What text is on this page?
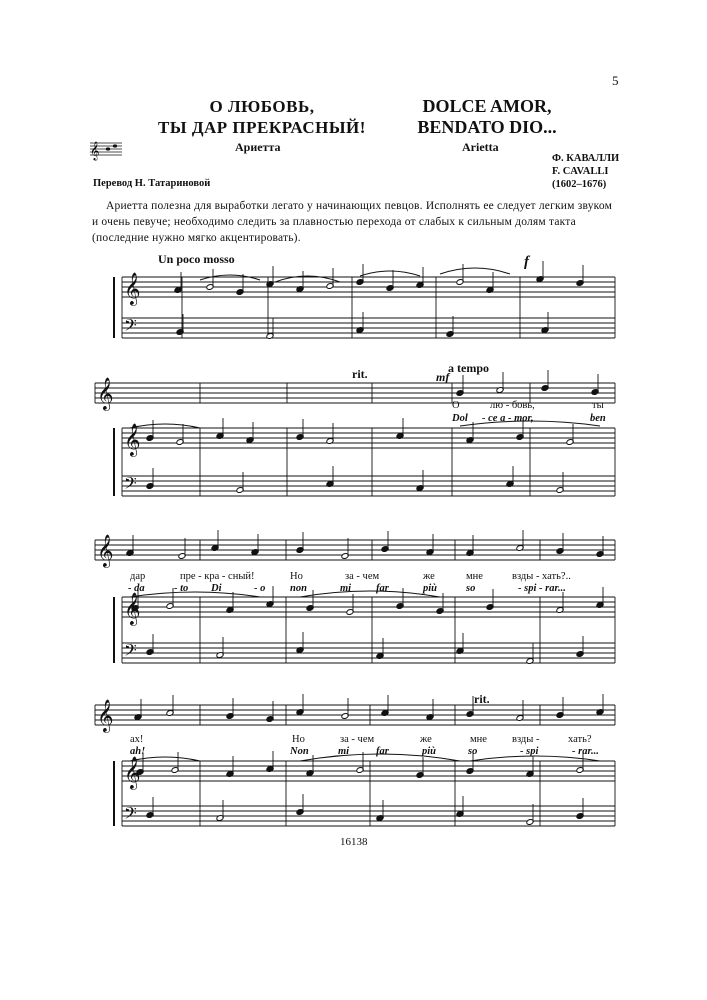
5
О ЛЮБОВЬ,
ТЫ ДАР ПРЕКРАСНЫЙ!
DOLCE AMOR,
BENDATO DIO...
𝄞	Ариетта	Arietta
Ф. КАВАЛЛИ
F. CAVALLI
(1602–1676)
Перевод Н. Татариновой
Ариетта полезна для выработки легато у начинающих певцов. Исполнять ее следует легким звуком и очень певуче; необходимо следить за плавностью перехода от слабых к сильным долям такта (последние нужно мягко акцентировать).
𝄞
𝄢
𝄞
𝄞
𝄢
𝄞
𝄞
𝄢
𝄞
𝄞
𝄢
Un poco mosso
rit.	a tempo
rit.
f
mf
О	лю - бовь,	ты
Dol - ce a - mor,	ben
дар	пре - кра - сный!	Но	за - чем	же	мне	взды - хать?..
- da	- to Di	- o non	mi far	più	so	- spi - rar...
ах!	Но	за - чем	же	мне взды -	хать?
ah!	Non	mi	far	più	so	- spi	- rar...
16138
